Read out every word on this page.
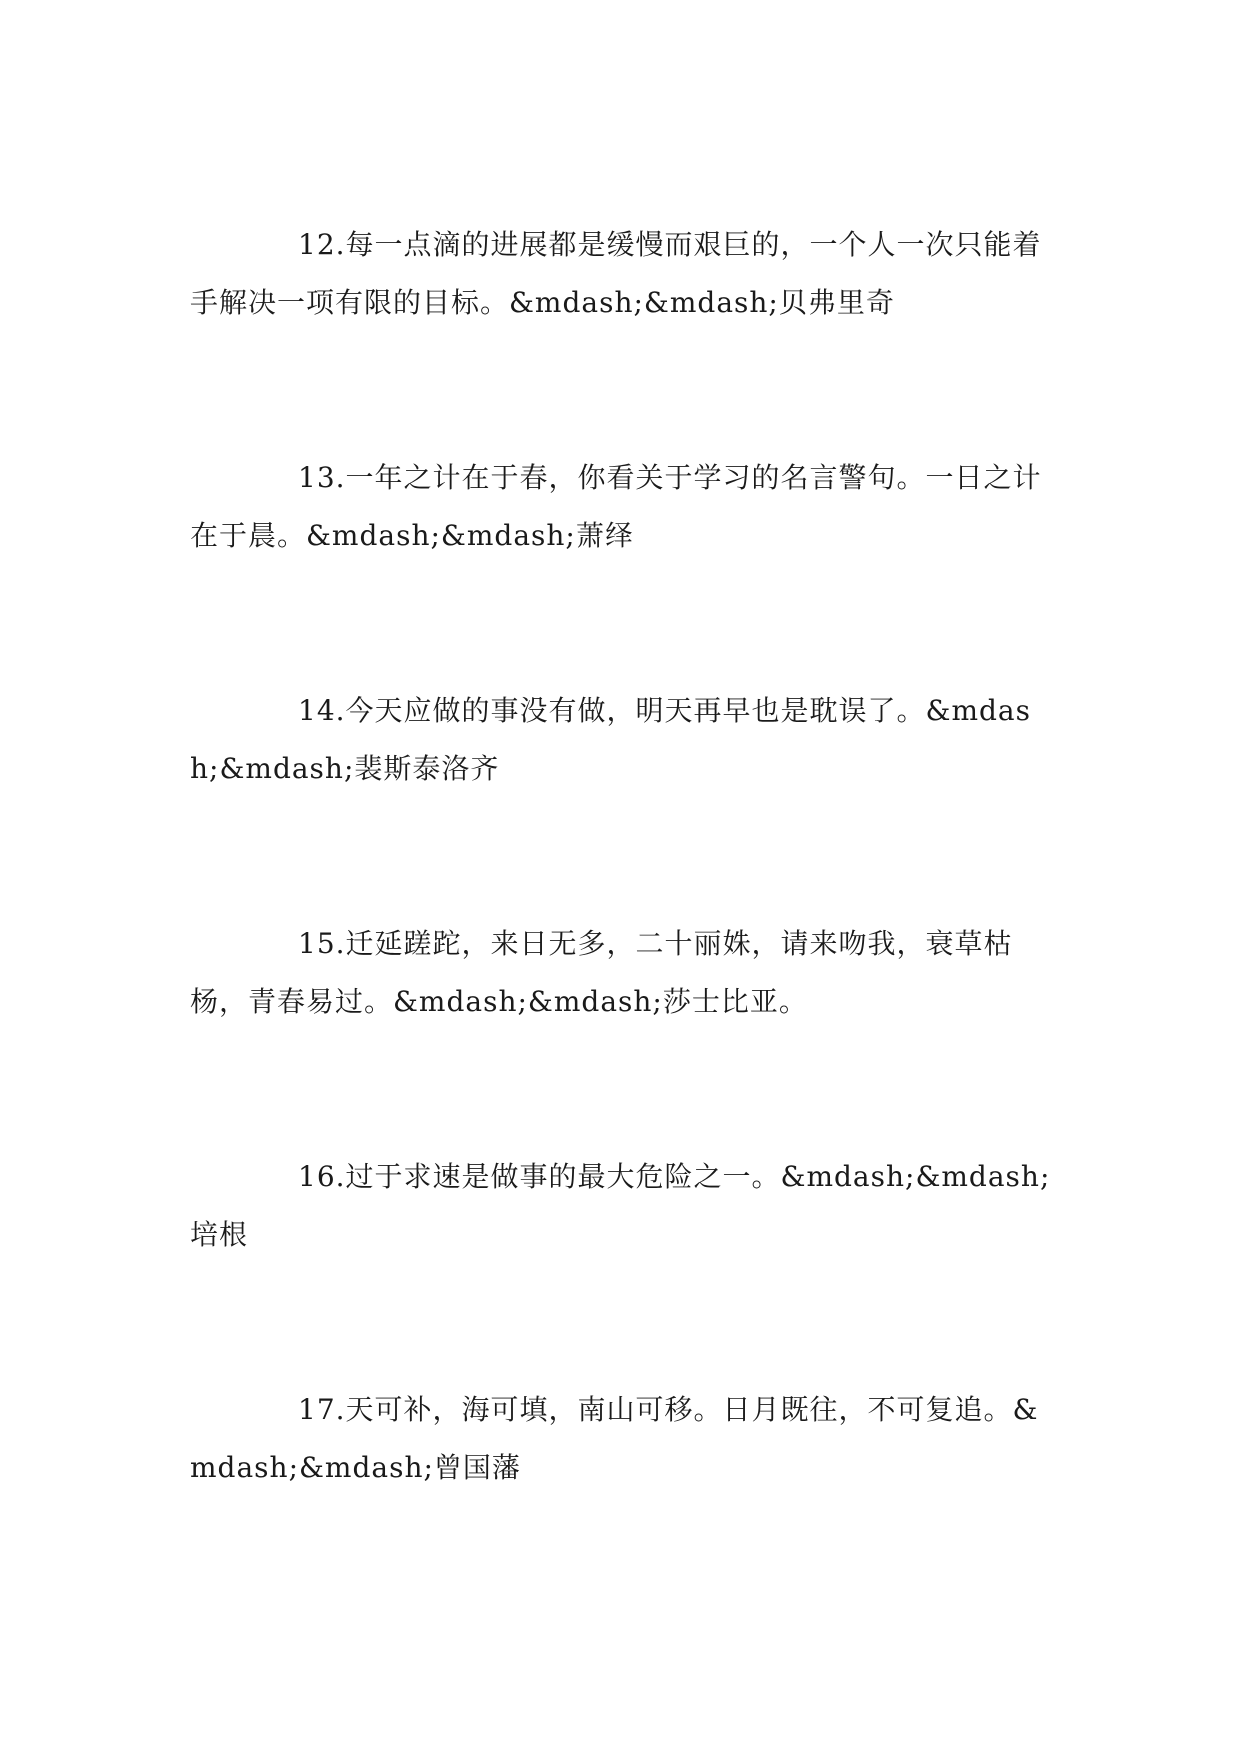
12.每一点滴的进展都是缓慢而艰巨的，一个人一次只能着手解决一项有限的目标。&mdash;&mdash;贝弗里奇

13.一年之计在于春，你看关于学习的名言警句。一日之计在于晨。&mdash;&mdash;萧绎

14.今天应做的事没有做，明天再早也是耽误了。&mdash;&mdash;裴斯泰洛齐

15.迁延蹉跎，来日无多，二十丽姝，请来吻我，衰草枯杨，青春易过。&mdash;&mdash;莎士比亚。

16.过于求速是做事的最大危险之一。&mdash;&mdash;培根

17.天可补，海可填，南山可移。日月既往，不可复追。&mdash;&mdash;曾国藩
